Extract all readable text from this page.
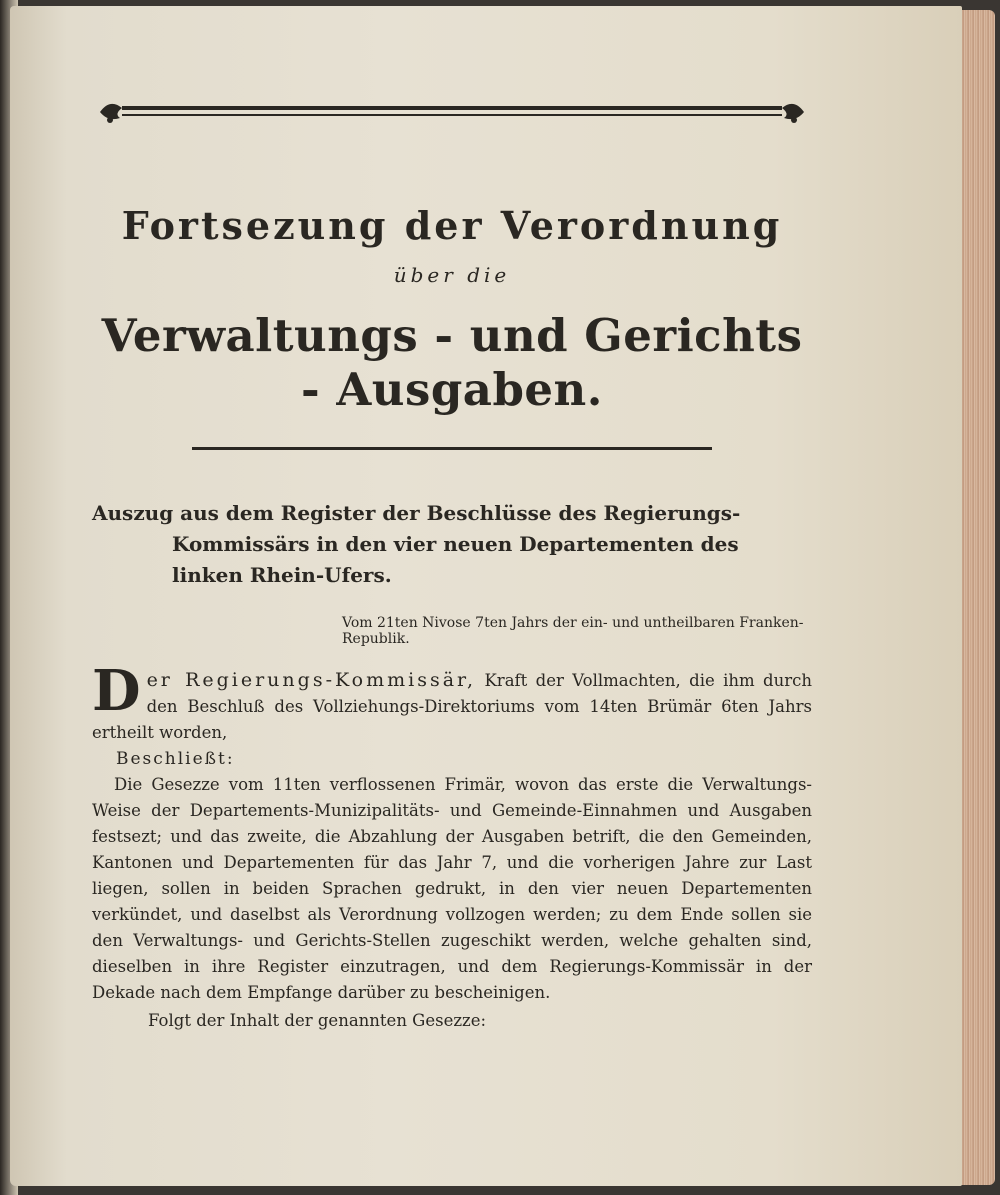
Fortsezung der Verordnung
über die
Verwaltungs - und Gerichts - Ausgaben.
Auszug aus dem Register der Beschlüsse des Regierungs-Kommissärs in den vier neuen Departementen des linken Rhein-Ufers.
Vom 21ten Nivose 7ten Jahrs der ein- und untheilbaren Franken-Republik.
Der Regierungs-Kommissär, Kraft der Vollmachten, die ihm durch den Beschluß des Vollziehungs-Direktoriums vom 14ten Brümär 6ten Jahrs ertheilt worden,
Beschließt:
Die Gesezze vom 11ten verflossenen Frimär, wovon das erste die Verwaltungs-Weise der Departements-Munizipalitäts- und Gemeinde-Einnahmen und Ausgaben festsezt; und das zweite, die Abzahlung der Ausgaben betrift, die den Gemeinden, Kantonen und Departementen für das Jahr 7, und die vorherigen Jahre zur Last liegen, sollen in beiden Sprachen gedrukt, in den vier neuen Departementen verkündet, und daselbst als Verordnung vollzogen werden; zu dem Ende sollen sie den Verwaltungs- und Gerichts-Stellen zugeschikt werden, welche gehalten sind, dieselben in ihre Register einzutragen, und dem Regierungs-Kommissär in der Dekade nach dem Empfange darüber zu bescheinigen.
Folgt der Inhalt der genannten Gesezze:
